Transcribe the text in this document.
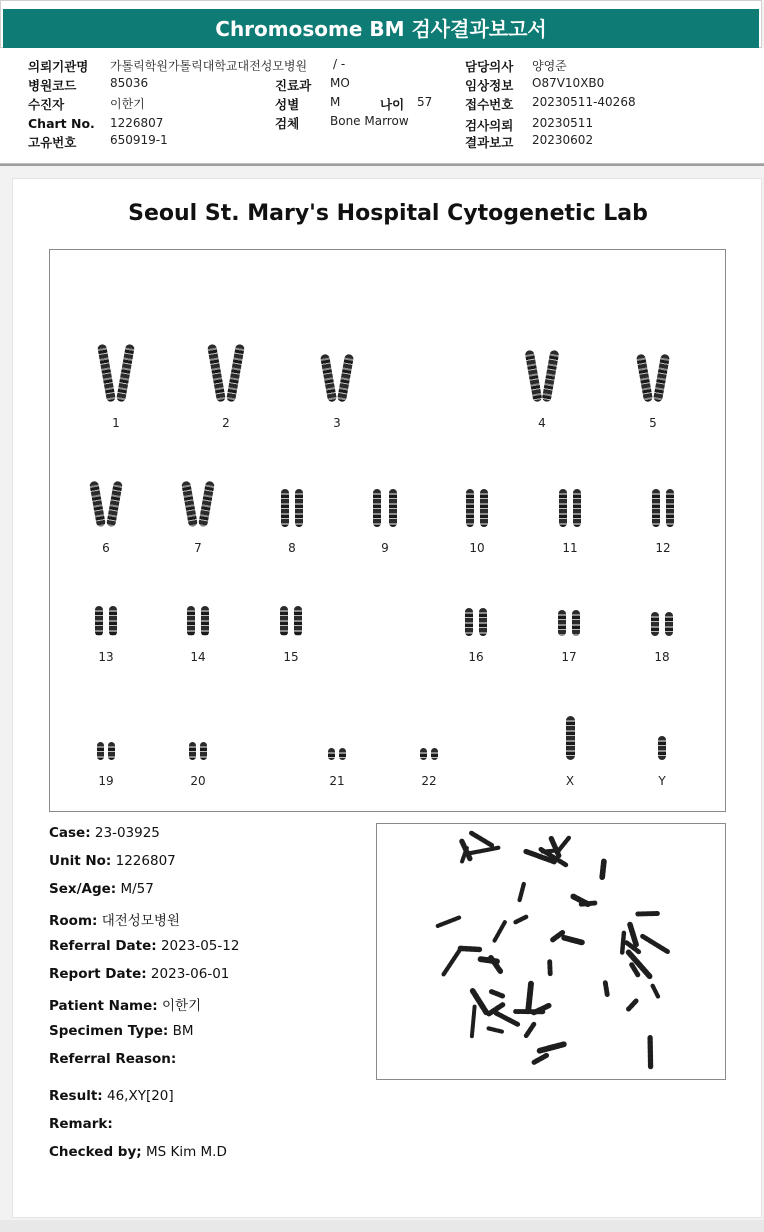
Chromosome BM 검사결과보고서
의뢰기관명 가톨릭학원가톨릭대학교대전성모병원 / -
병원코드	85036
수진자	이한기
Chart No. 1226807
고유번호	650919-1
진료과 MO
성별	M	나이 57
검체	Bone Marrow
담당의사 양영준
임상정보 O87V10XB0
접수번호 20230511-40268
검사의뢰 20230511
결과보고 20230602
Seoul St. Mary's Hospital Cytogenetic Lab
1	2	3	4	5
6	7	8	9	10	11	12
13	14	15	16	17	18
19	20	21	22	X	Y
Case: 23-03925
Unit No: 1226807
Sex/Age: M/57
Room: 대전성모병원
Referral Date: 2023-05-12
Report Date: 2023-06-01
Patient Name: 이한기
Specimen Type: BM
Referral Reason:
Result: 46,XY[20]
Remark:
Checked by; MS Kim M.D
